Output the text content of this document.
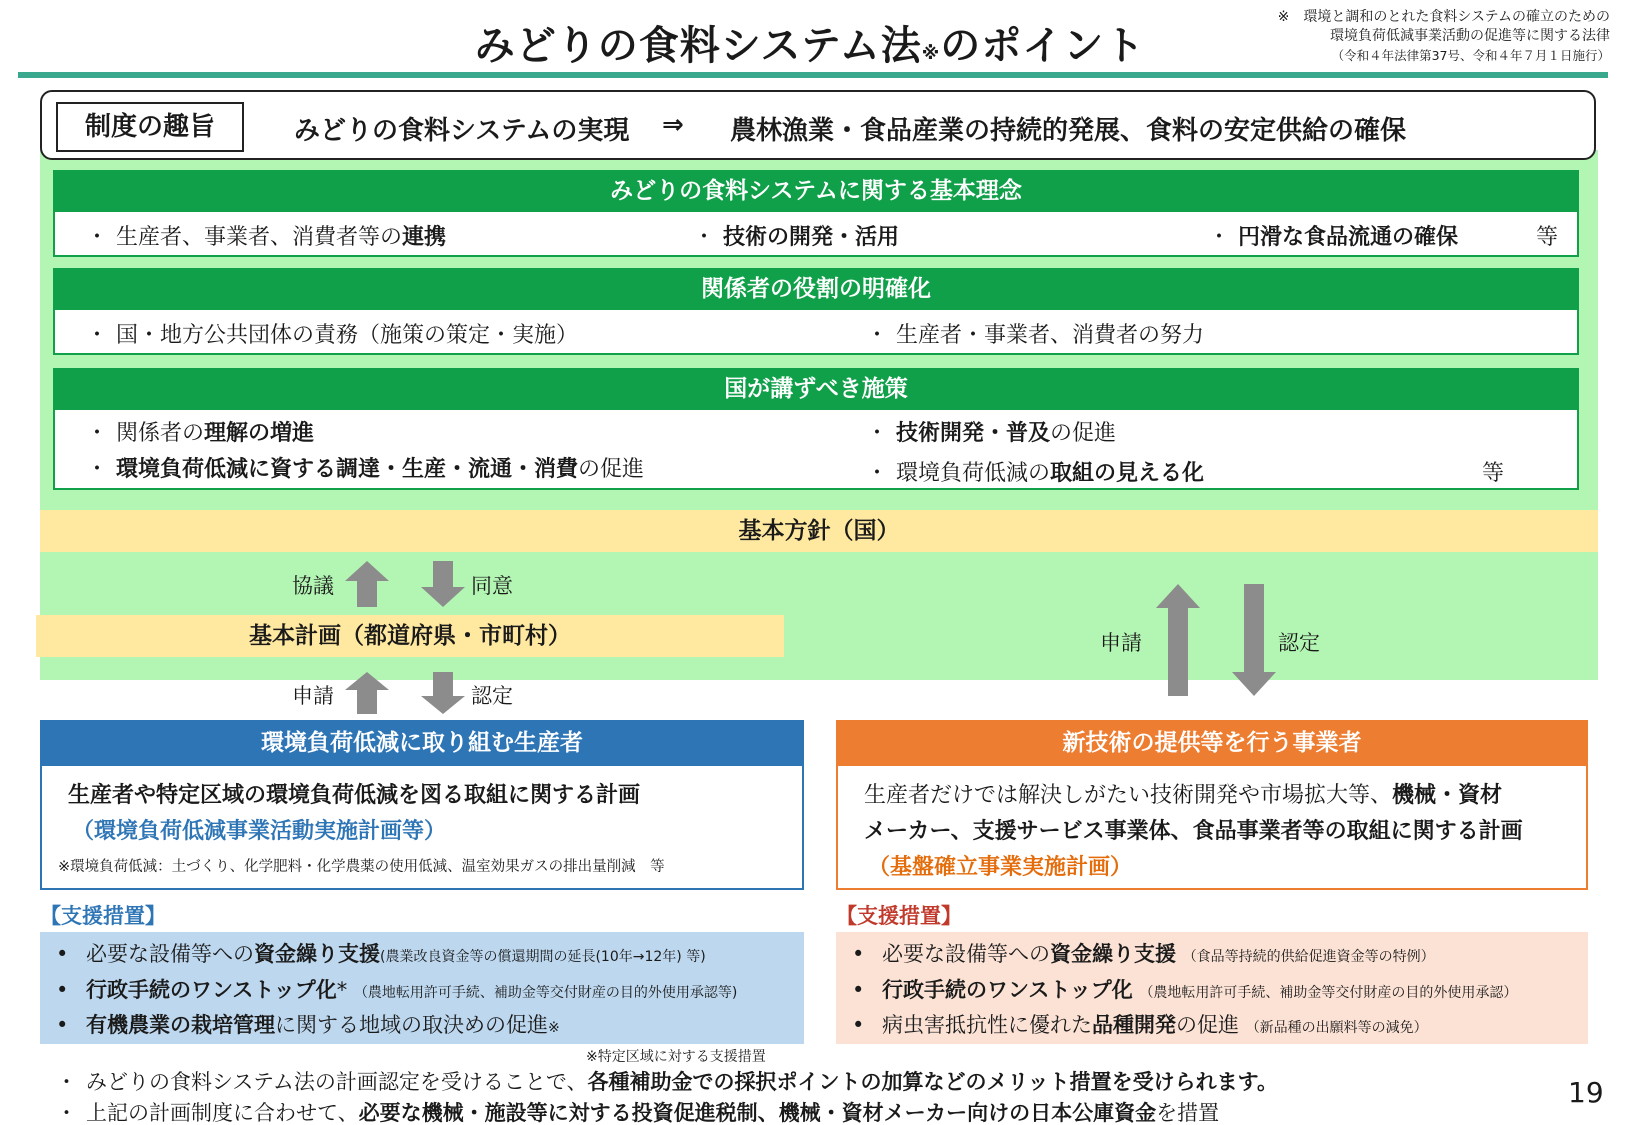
みどりの食料システム法※のポイント
※　環境と調和のとれた食料システムの確立のための
環境負荷低減事業活動の促進等に関する法律
（令和４年法律第37号、令和４年７月１日施行）
制度の趣旨	みどりの食料システムの実現 ⇒ 農林漁業・食品産業の持続的発展、食料の安定供給の確保
みどりの食料システムに関する基本理念
・ 生産者、事業者、消費者等の連携	・ 技術の開発・活用	・ 円滑な食品流通の確保	等
関係者の役割の明確化
・ 国・地方公共団体の責務（施策の策定・実施）	・ 生産者・事業者、消費者の努力
国が講ずべき施策
・ 関係者の理解の増進
・ 環境負荷低減に資する調達・生産・流通・消費の促進
・ 技術開発・普及の促進
・ 環境負荷低減の取組の見える化	等
基本方針（国）
協議	同意
基本計画（都道府県・市町村）
申請	認定
申請	認定
環境負荷低減に取り組む生産者
生産者や特定区域の環境負荷低減を図る取組に関する計画
（環境負荷低減事業活動実施計画等）
※環境負荷低減：土づくり、化学肥料・化学農薬の使用低減、温室効果ガスの排出量削減　等
【支援措置】
• 必要な設備等への資金繰り支援(農業改良資金等の償還期間の延長(10年→12年) 等)
• 行政手続のワンストップ化* （農地転用許可手続、補助金等交付財産の目的外使用承認等)
• 有機農業の栽培管理に関する地域の取決めの促進※
※特定区域に対する支援措置
新技術の提供等を行う事業者
生産者だけでは解決しがたい技術開発や市場拡大等、機械・資材
メーカー、支援サービス事業体、食品事業者等の取組に関する計画
（基盤確立事業実施計画）
【支援措置】
• 必要な設備等への資金繰り支援 （食品等持続的供給促進資金等の特例）
• 行政手続のワンストップ化 （農地転用許可手続、補助金等交付財産の目的外使用承認）
• 病虫害抵抗性に優れた品種開発の促進 （新品種の出願料等の減免）
・ みどりの食料システム法の計画認定を受けることで、各種補助金での採択ポイントの加算などのメリット措置を受けられます。
・ 上記の計画制度に合わせて、必要な機械・施設等に対する投資促進税制、機械・資材メーカー向けの日本公庫資金を措置
19
